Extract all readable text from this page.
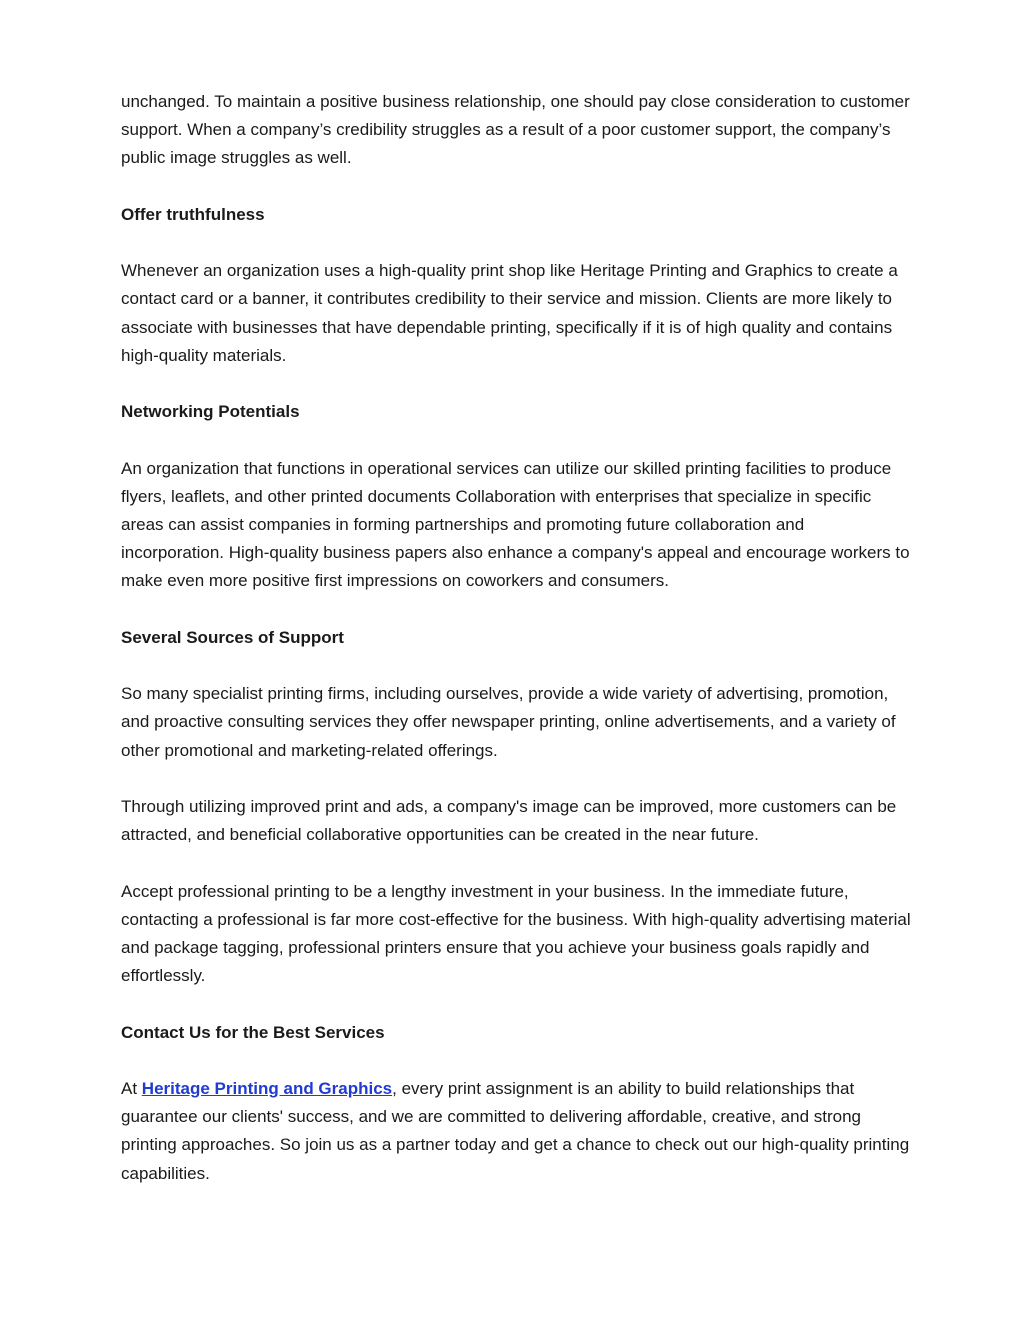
unchanged. To maintain a positive business relationship, one should pay close consideration to customer support. When a company’s credibility struggles as a result of a poor customer support, the company’s public image struggles as well.

Offer truthfulness

Whenever an organization uses a high-quality print shop like Heritage Printing and Graphics to create a contact card or a banner, it contributes credibility to their service and mission. Clients are more likely to associate with businesses that have dependable printing, specifically if it is of high quality and contains high-quality materials.

Networking Potentials

An organization that functions in operational services can utilize our skilled printing facilities to produce flyers, leaflets, and other printed documents Collaboration with enterprises that specialize in specific areas can assist companies in forming partnerships and promoting future collaboration and incorporation. High-quality business papers also enhance a company's appeal and encourage workers to make even more positive first impressions on coworkers and consumers.

Several Sources of Support

So many specialist printing firms, including ourselves, provide a wide variety of advertising, promotion, and proactive consulting services they offer newspaper printing, online advertisements, and a variety of other promotional and marketing-related offerings.

Through utilizing improved print and ads, a company's image can be improved, more customers can be attracted, and beneficial collaborative opportunities can be created in the near future.

Accept professional printing to be a lengthy investment in your business. In the immediate future, contacting a professional is far more cost-effective for the business. With high-quality advertising material and package tagging, professional printers ensure that you achieve your business goals rapidly and effortlessly.

Contact Us for the Best Services

At Heritage Printing and Graphics, every print assignment is an ability to build relationships that guarantee our clients' success, and we are committed to delivering affordable, creative, and strong printing approaches. So join us as a partner today and get a chance to check out our high-quality printing capabilities.
